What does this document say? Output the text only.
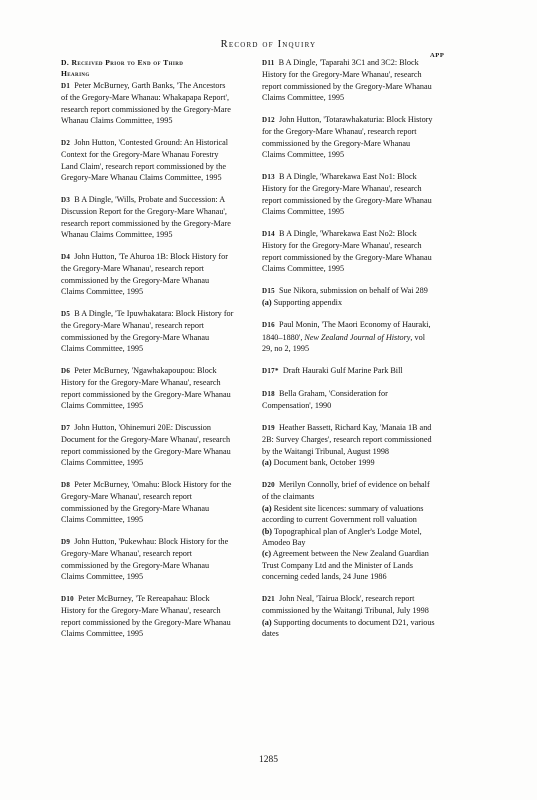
Record of Inquiry
APP
D. Received Prior to End of Third
Hearing

D1 Peter McBurney, Garth Banks, 'The Ancestors of the Gregory-Mare Whanau: Whakapapa Report', research report commissioned by the Gregory-Mare Whanau Claims Committee, 1995

D2 John Hutton, 'Contested Ground: An Historical Context for the Gregory-Mare Whanau Forestry Land Claim', research report commissioned by the Gregory-Mare Whanau Claims Committee, 1995

D3 B A Dingle, 'Wills, Probate and Succession: A Discussion Report for the Gregory-Mare Whanau', research report commissioned by the Gregory-Mare Whanau Claims Committee, 1995

D4 John Hutton, 'Te Ahuroa 1B: Block History for the Gregory-Mare Whanau', research report commissioned by the Gregory-Mare Whanau Claims Committee, 1995

D5 B A Dingle, 'Te Ipuwhakatara: Block History for the Gregory-Mare Whanau', research report commissioned by the Gregory-Mare Whanau Claims Committee, 1995

D6 Peter McBurney, 'Ngawhakapoupou: Block History for the Gregory-Mare Whanau', research report commissioned by the Gregory-Mare Whanau Claims Committee, 1995

D7 John Hutton, 'Ohinemuri 20E: Discussion Document for the Gregory-Mare Whanau', research report commissioned by the Gregory-Mare Whanau Claims Committee, 1995

D8 Peter McBurney, 'Omahu: Block History for the Gregory-Mare Whanau', research report commissioned by the Gregory-Mare Whanau Claims Committee, 1995

D9 John Hutton, 'Pukewhau: Block History for the Gregory-Mare Whanau', research report commissioned by the Gregory-Mare Whanau Claims Committee, 1995

D10 Peter McBurney, 'Te Rereapahau: Block History for the Gregory-Mare Whanau', research report commissioned by the Gregory-Mare Whanau Claims Committee, 1995

D11 B A Dingle, 'Taparahi 3C1 and 3C2: Block History for the Gregory-Mare Whanau', research report commissioned by the Gregory-Mare Whanau Claims Committee, 1995

D12 John Hutton, 'Totarawhakaturia: Block History for the Gregory-Mare Whanau', research report commissioned by the Gregory-Mare Whanau Claims Committee, 1995

D13 B A Dingle, 'Wharekawa East No1: Block History for the Gregory-Mare Whanau', research report commissioned by the Gregory-Mare Whanau Claims Committee, 1995

D14 B A Dingle, 'Wharekawa East No2: Block History for the Gregory-Mare Whanau', research report commissioned by the Gregory-Mare Whanau Claims Committee, 1995

D15 Sue Nikora, submission on behalf of Wai 289

(a) Supporting appendix

D16 Paul Monin, 'The Maori Economy of Hauraki, 1840–1880', New Zealand Journal of History, vol 29, no 2, 1995

D17* Draft Hauraki Gulf Marine Park Bill

D18 Bella Graham, 'Consideration for Compensation', 1990

D19 Heather Bassett, Richard Kay, 'Manaia 1B and 2B: Survey Charges', research report commissioned by the Waitangi Tribunal, August 1998

(a) Document bank, October 1999

D20 Merilyn Connolly, brief of evidence on behalf of the claimants

(a) Resident site licences: summary of valuations according to current Government roll valuation

(b) Topographical plan of Angler's Lodge Motel, Amodeo Bay

(c) Agreement between the New Zealand Guardian Trust Company Ltd and the Minister of Lands concerning ceded lands, 24 June 1986

D21 John Neal, 'Tairua Block', research report commissioned by the Waitangi Tribunal, July 1998

(a) Supporting documents to document D21, various dates

1285
